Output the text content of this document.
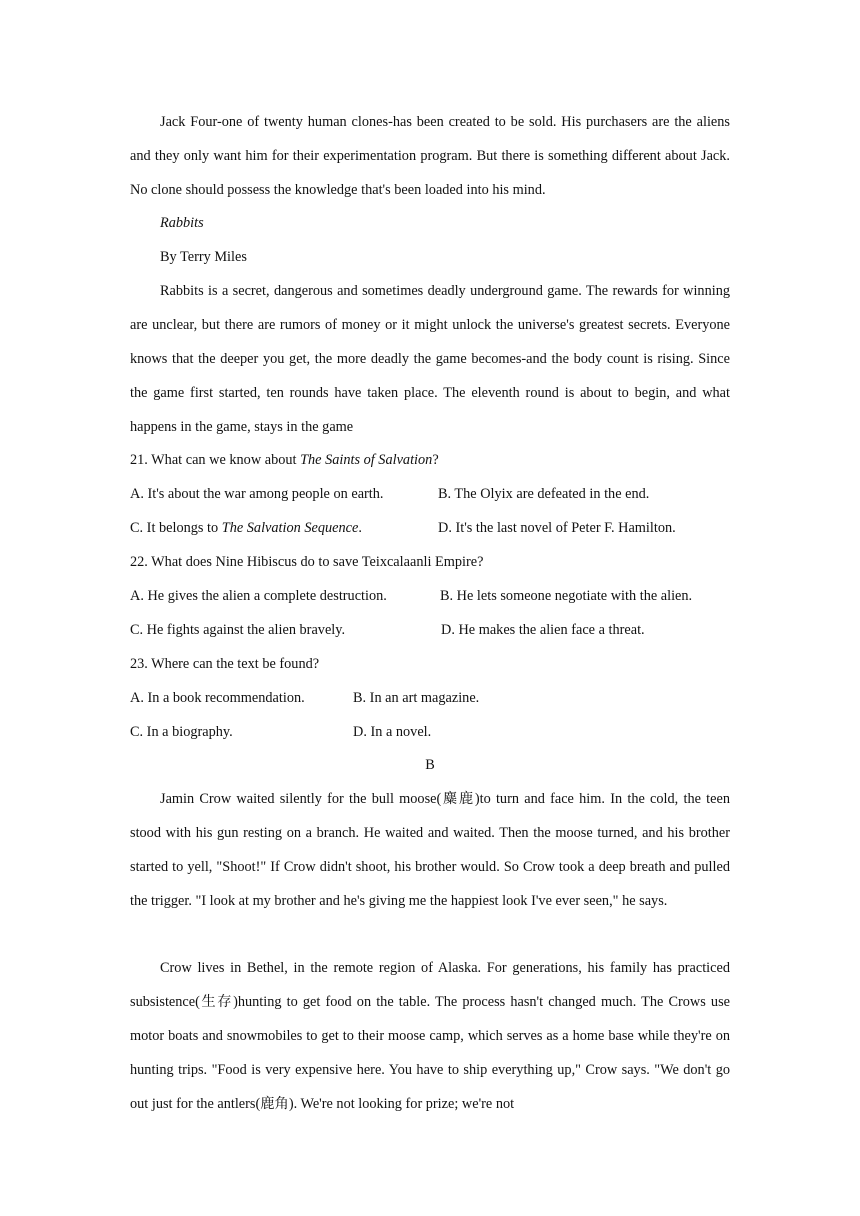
Jack Four-one of twenty human clones-has been created to be sold. His purchasers are the aliens and they only want him for their experimentation program. But there is something different about Jack. No clone should possess the knowledge that's been loaded into his mind.

Rabbits

By Terry Miles

Rabbits is a secret, dangerous and sometimes deadly underground game. The rewards for winning are unclear, but there are rumors of money or it might unlock the universe's greatest secrets. Everyone knows that the deeper you get, the more deadly the game becomes-and the body count is rising. Since the game first started, ten rounds have taken place. The eleventh round is about to begin, and what happens in the game, stays in the game

21. What can we know about The Saints of Salvation?

A. It's about the war among people on earth.	B. The Olyix are defeated in the end.

C. It belongs to The Salvation Sequence.	D. It's the last novel of Peter F. Hamilton.

22. What does Nine Hibiscus do to save Teixcalaanli Empire?

A. He gives the alien a complete destruction.	B. He lets someone negotiate with the alien.

C. He fights against the alien bravely.	D. He makes the alien face a threat.

23. Where can the text be found?

A. In a book recommendation.	B. In an art magazine.

C. In a biography.	D. In a novel.

B

Jamin Crow waited silently for the bull moose(麋鹿)to turn and face him. In the cold, the teen stood with his gun resting on a branch. He waited and waited. Then the moose turned, and his brother started to yell, "Shoot!" If Crow didn't shoot, his brother would. So Crow took a deep breath and pulled the trigger. "I look at my brother and he's giving me the happiest look I've ever seen," he says.

Crow lives in Bethel, in the remote region of Alaska. For generations, his family has practiced subsistence(生存)hunting to get food on the table. The process hasn't changed much. The Crows use motor boats and snowmobiles to get to their moose camp, which serves as a home base while they're on hunting trips. "Food is very expensive here. You have to ship everything up," Crow says. "We don't go out just for the antlers(鹿角). We're not looking for prize; we're not
